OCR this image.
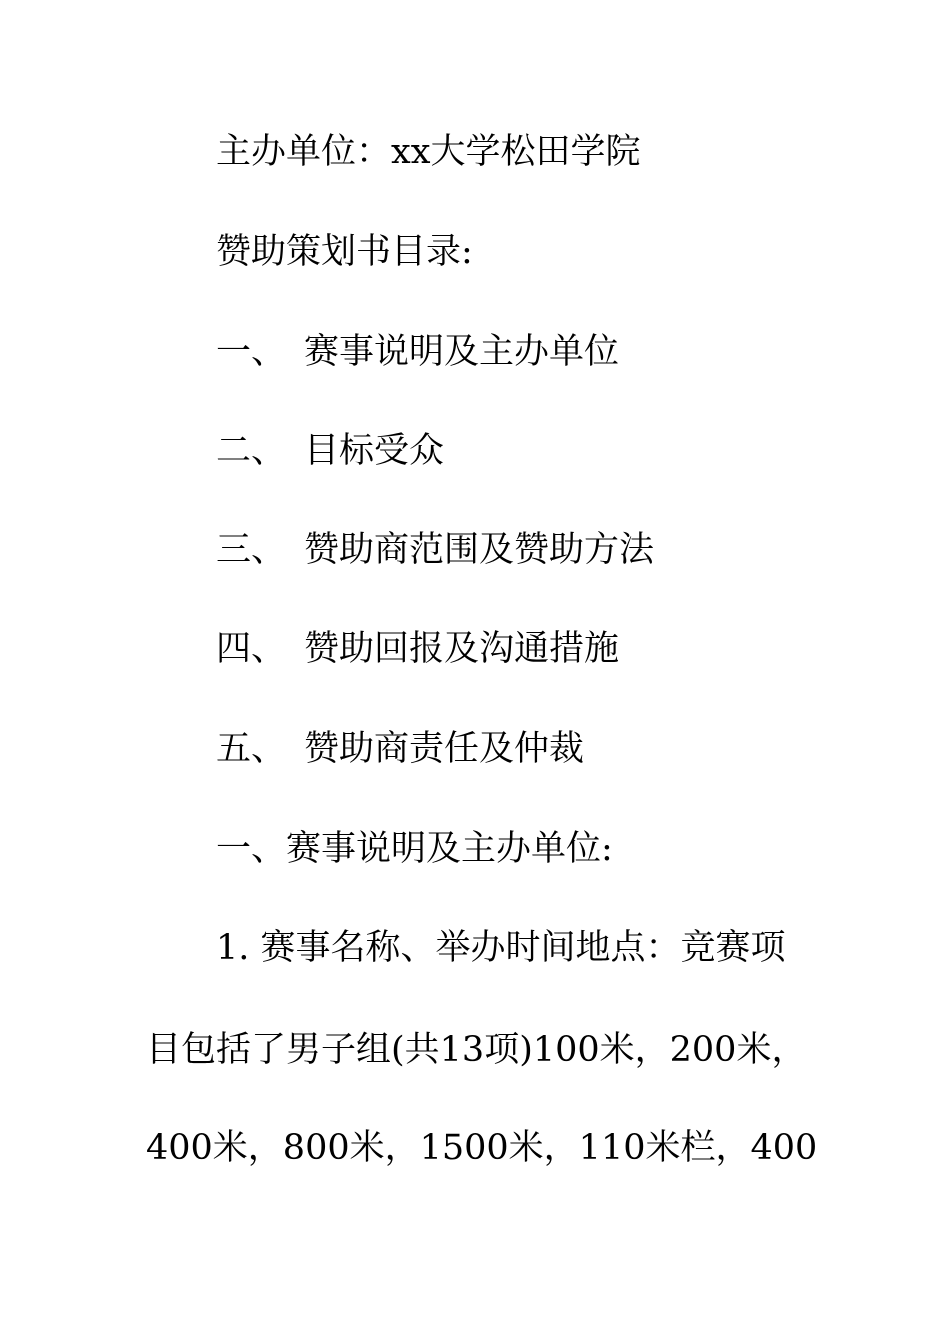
主办单位：xx大学松田学院
赞助策划书目录:
一、 赛事说明及主办单位
二、 目标受众
三、 赞助商范围及赞助方法
四、 赞助回报及沟通措施
五、 赞助商责任及仲裁
一、赛事说明及主办单位:
1. 赛事名称、举办时间地点：竞赛项
目包括了男子组(共13项)100米，200米，
400米，800米，1500米，110米栏，400
